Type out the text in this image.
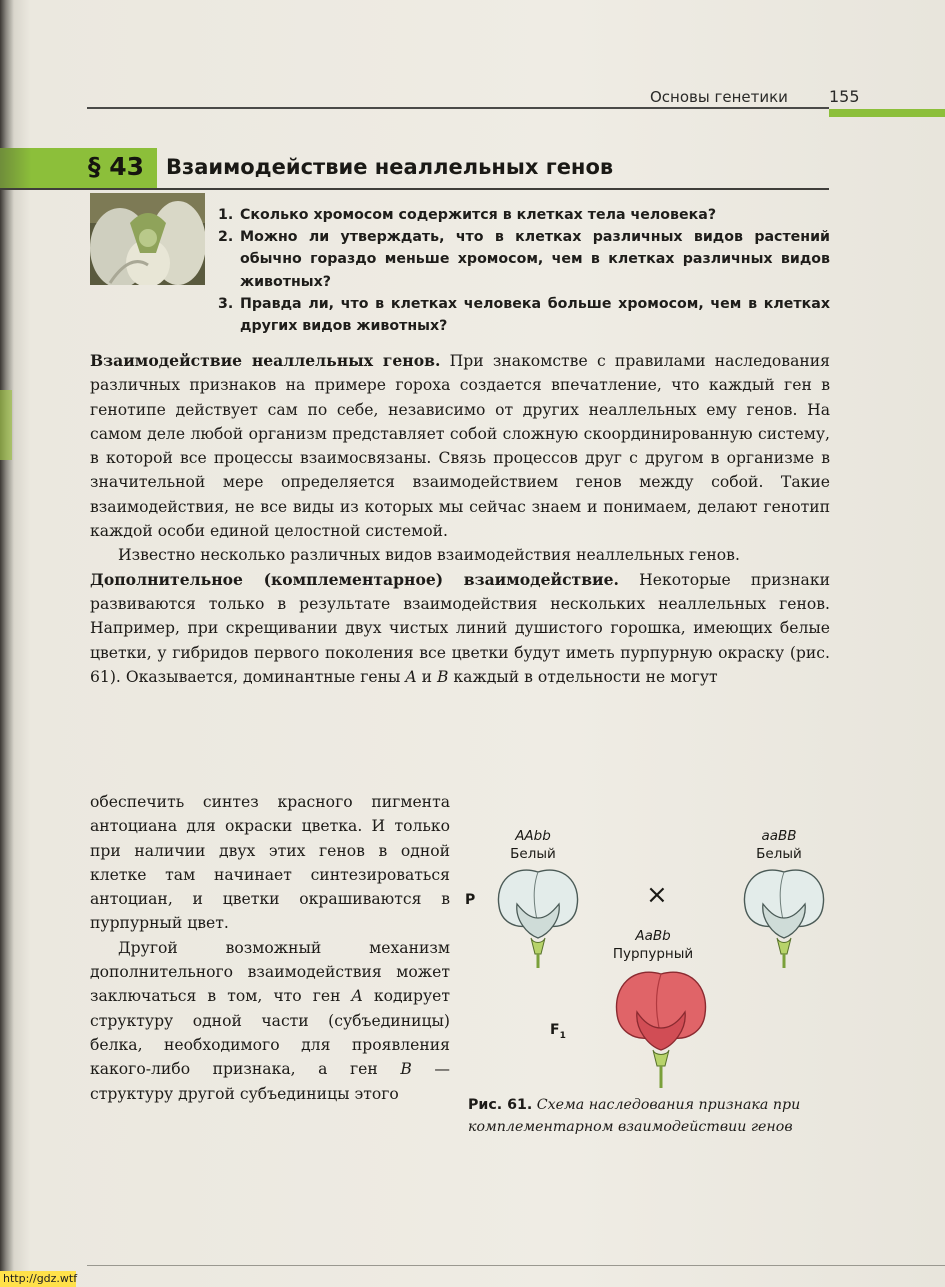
Основы генетики	155
§ 43 Взаимодействие неаллельных генов
1. Сколько хромосом содержится в клетках тела человека?
2. Можно ли утверждать, что в клетках различных видов растений обычно гораздо меньше хромосом, чем в клетках различных видов животных?
3. Правда ли, что в клетках человека больше хромосом, чем в клетках других видов животных?

Взаимодействие неаллельных генов. При знакомстве с правилами наследования различных признаков на примере гороха создается впечатление, что каждый ген в генотипе действует сам по себе, независимо от других неаллельных ему генов. На самом деле любой организм представляет собой сложную скоординированную систему, в которой все процессы взаимосвязаны. Связь процессов друг с другом в организме в значительной мере определяется взаимодействием генов между собой. Такие взаимодействия, не все виды из которых мы сейчас знаем и понимаем, делают генотип каждой особи единой целостной системой.

Известно несколько различных видов взаимодействия неаллельных генов.

Дополнительное (комплементарное) взаимодействие. Некоторые признаки развиваются только в результате взаимодействия нескольких неаллельных генов. Например, при скрещивании двух чистых линий душистого горошка, имеющих белые цветки, у гибридов первого поколения все цветки будут иметь пурпурную окраску (рис. 61). Оказывается, доминантные гены A и B каждый в отдельности не могут

обеспечить синтез красного пигмента антоциана для окраски цветка. И только при наличии двух этих генов в одной клетке там начинает синтезироваться антоциан, и цветки окрашиваются в пурпурный цвет.

Другой возможный механизм дополнительного взаимодействия может заключаться в том, что ген A кодирует структуру одной части (субъединицы) белка, необходимого для проявления какого-либо признака, а ген B — структуру другой субъединицы этого

AAbb
Белый
aaBB
Белый
P	×
AaBb
Пурпурный
$F_1$
Рис. 61. Схема наследования признака при комплементарном взаимодействии генов
http://gdz.wtf
